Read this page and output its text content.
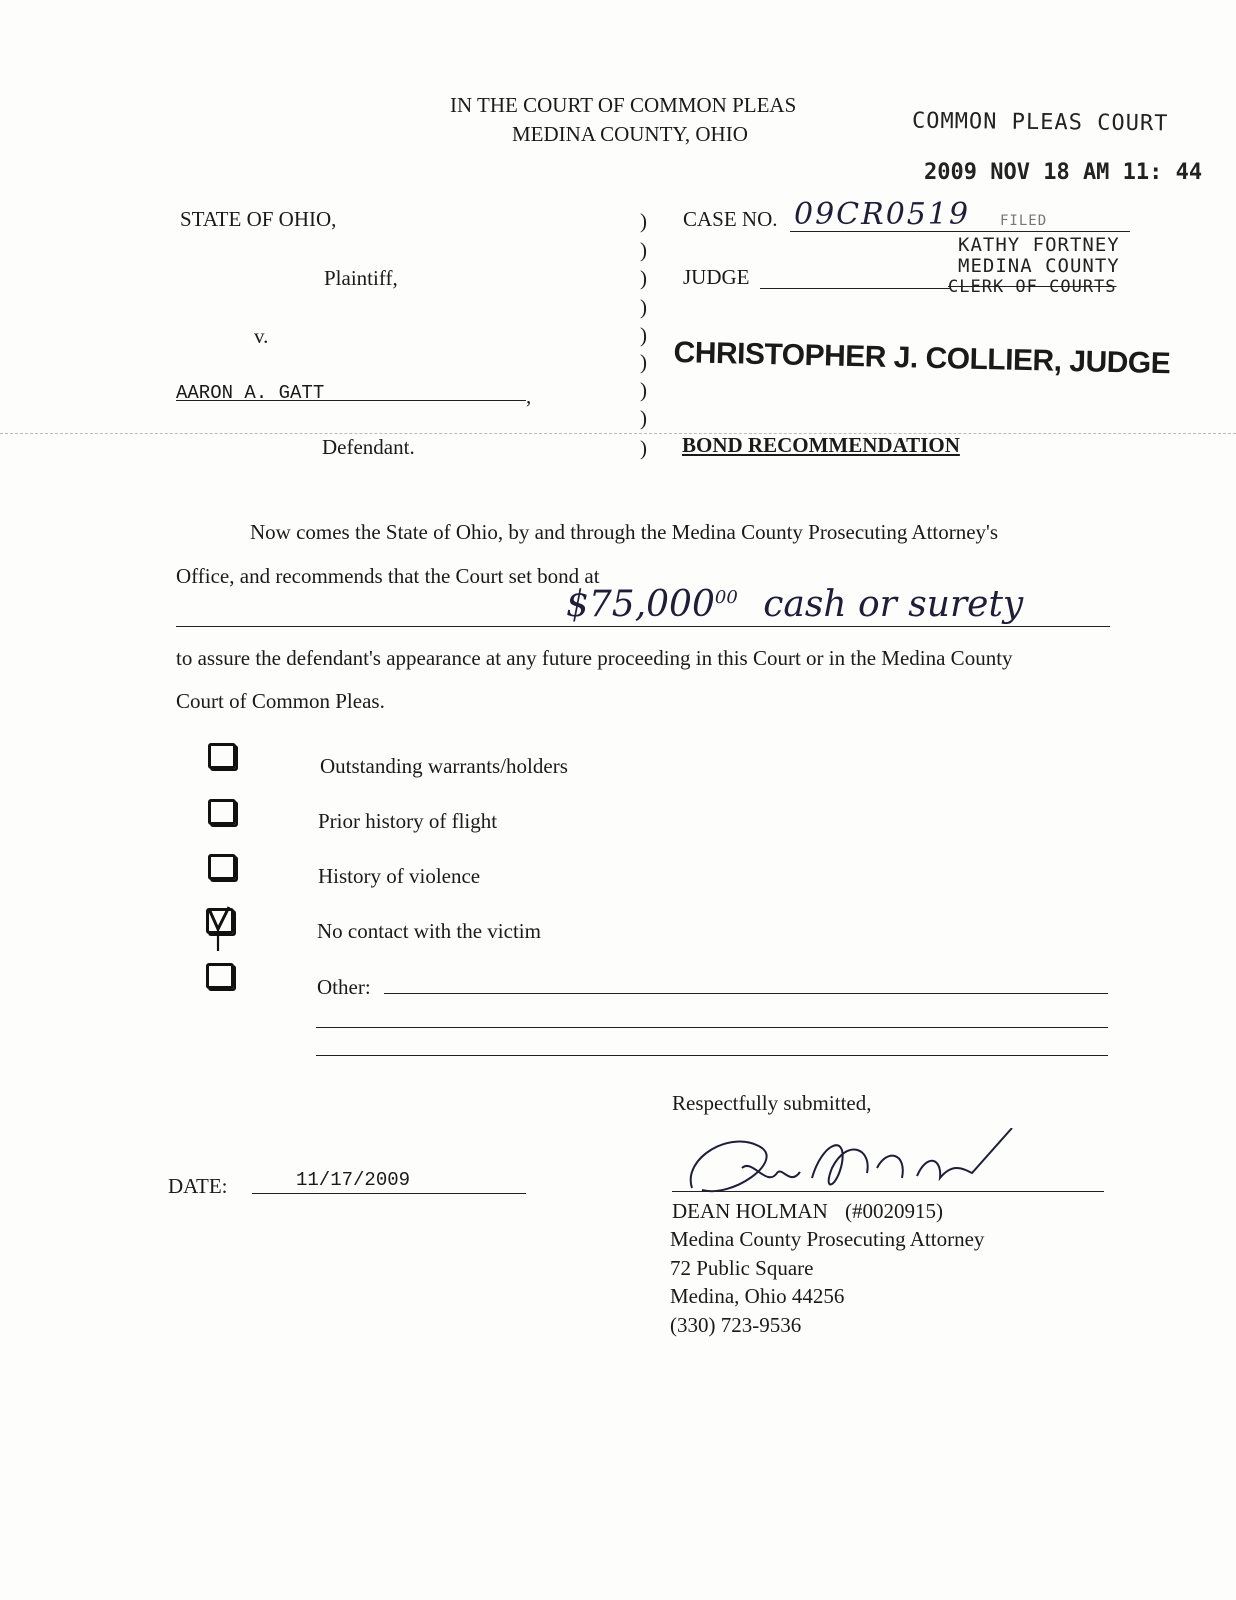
IN THE COURT OF COMMON PLEAS
MEDINA COUNTY, OHIO	COMMON PLEAS COURT
2009 NOV 18 AM 11: 44
FILED
KATHY FORTNEY
MEDINA COUNTY
CLERK OF COURTS
STATE OF OHIO,
Plaintiff,
v.
AARON A. GATT	,
Defendant.
)
)
)
)
)
)
)
)
)
CASE NO. 09CR0519
JUDGE
CHRISTOPHER J. COLLIER, JUDGE
BOND RECOMMENDATION
Now comes the State of Ohio, by and through the Medina County Prosecuting Attorney's
Office, and recommends that the Court set bond at
$75,000$^{00}$ cash or surety
to assure the defendant's appearance at any future proceeding in this Court or in the Medina County
Court of Common Pleas.
Outstanding warrants/holders
Prior history of flight
History of violence
No contact with the victim
Other:
Respectfully submitted,
DEAN HOLMAN (#0020915)
Medina County Prosecuting Attorney
72 Public Square
Medina, Ohio 44256
(330) 723-9536
DATE:	11/17/2009
